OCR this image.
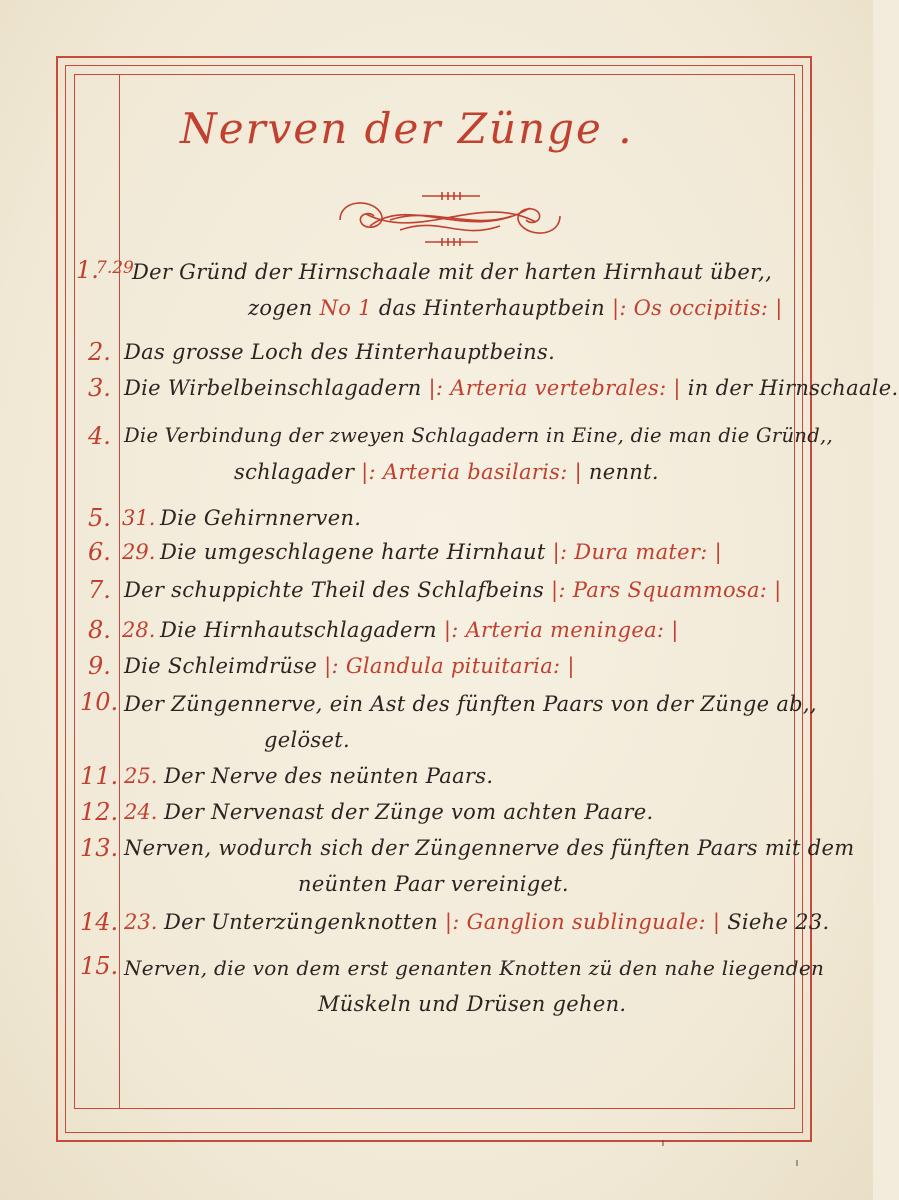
Nerven der Zünge .
1.
7.29
Der Gründ der Hirnschaale mit der harten Hirnhaut über,,
zogen No 1 das Hinterhauptbein |: Os occipitis: |
2. Das grosse Loch des Hinterhauptbeins.
3. Die Wirbelbeinschlagadern |: Arteria vertebrales: | in der Hirnschaale.
4. Die Verbindung der zweyen Schlagadern in Eine, die man die Gründ,,
schlagader |: Arteria basilaris: | nennt.
5. 31. Die Gehirnnerven.
6. 29. Die umgeschlagene harte Hirnhaut |: Dura mater: |
7. Der schuppichte Theil des Schlafbeins |: Pars Squammosa: |
8. 28. Die Hirnhautschlagadern |: Arteria meningea: |
9. Die Schleimdrüse |: Glandula pituitaria: |
10. Der Züngennerve, ein Ast des fünften Paars von der Zünge ab,,
gelöset.
11. 25. Der Nerve des neünten Paars.
12. 24. Der Nervenast der Zünge vom achten Paare.
13. Nerven, wodurch sich der Züngennerve des fünften Paars mit dem
neünten Paar vereiniget.
14. 23. Der Unterzüngenknotten |: Ganglion sublinguale: | Siehe 23.
15. Nerven, die von dem erst genanten Knotten zü den nahe liegenden
Müskeln und Drüsen gehen.
